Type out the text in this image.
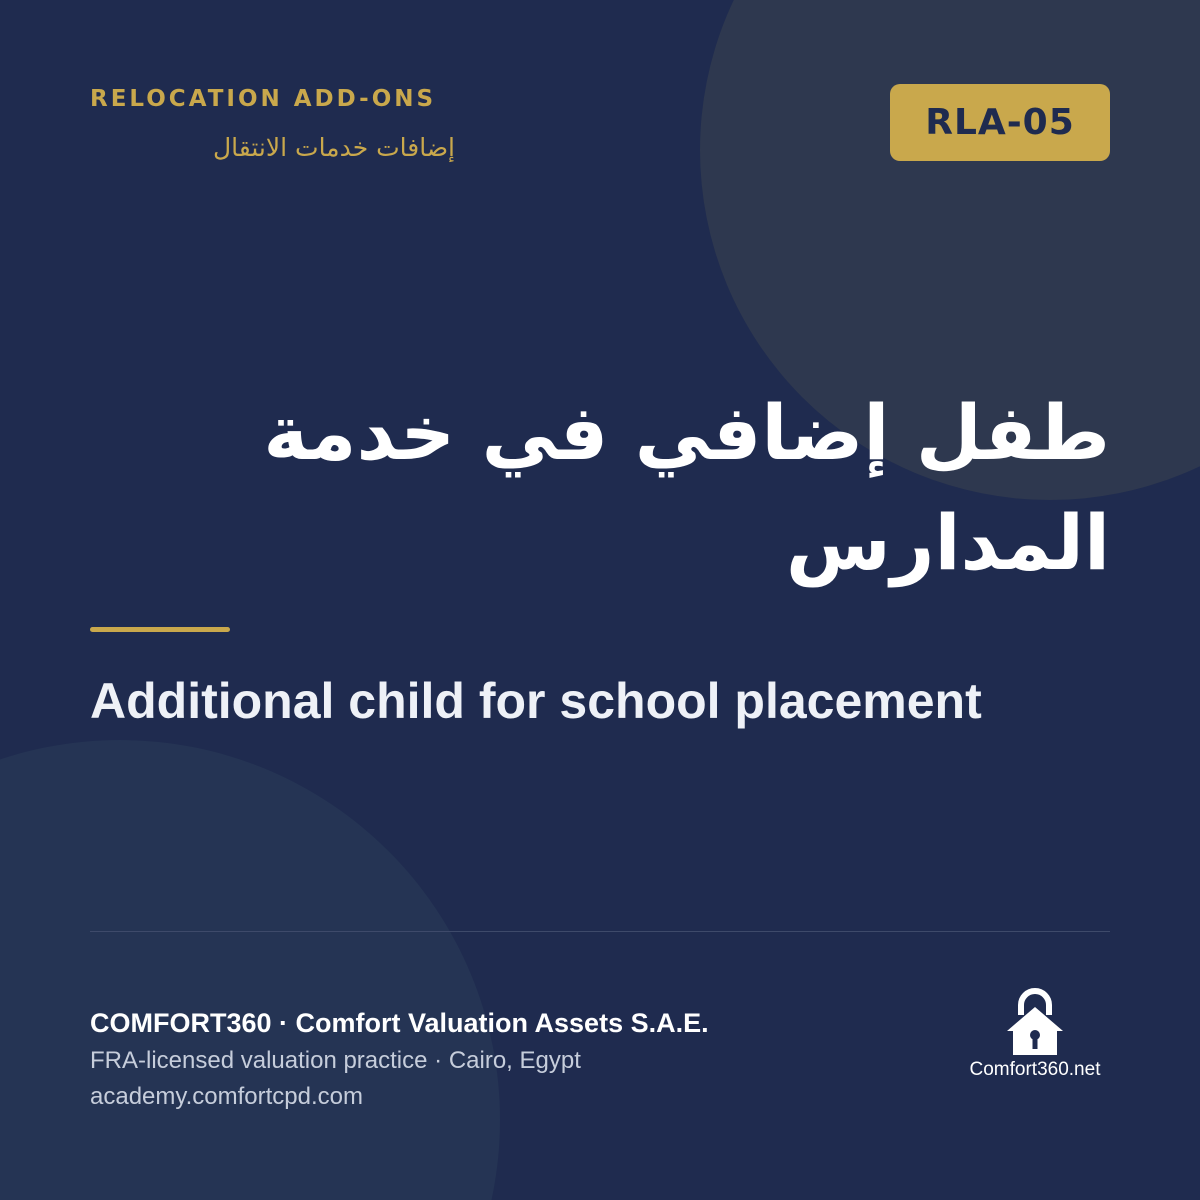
RELOCATION ADD-ONS
إضافات خدمات الانتقال
RLA-05
طفل إضافي في خدمة المدارس
Additional child for school placement
COMFORT360 · Comfort Valuation Assets S.A.E.
FRA-licensed valuation practice · Cairo, Egypt
academy.comfortcpd.com
Comfort360.net
